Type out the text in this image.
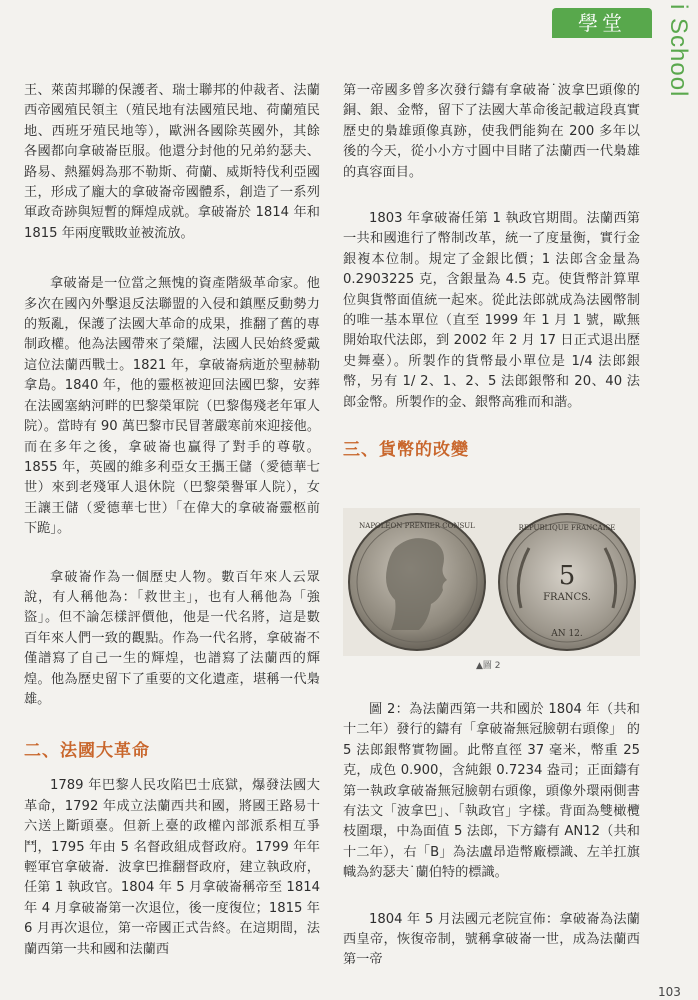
學堂	i School

王、萊茵邦聯的保護者、瑞士聯邦的仲裁者、法蘭西帝國殖民領主（殖民地有法國殖民地、荷蘭殖民地、西班牙殖民地等），歐洲各國除英國外，其餘各國都向拿破崙臣服。他還分封他的兄弟約瑟夫、路易、熱羅姆為那不勒斯、荷蘭、威斯特伐利亞國王，形成了龐大的拿破崙帝國體系，創造了一系列軍政奇跡與短暫的輝煌成就。拿破崙於 1814 年和 1815 年兩度戰敗並被流放。

拿破崙是一位當之無愧的資產階級革命家。他多次在國內外擊退反法聯盟的入侵和鎮壓反動勢力的叛亂，保護了法國大革命的成果，推翻了舊的專制政權。他為法國帶來了榮耀，法國人民始終愛戴這位法蘭西戰士。1821 年，拿破崙病逝於聖赫勒拿島。1840 年，他的靈柩被迎回法國巴黎，安葬在法國塞納河畔的巴黎榮軍院（巴黎傷殘老年軍人院）。當時有 90 萬巴黎市民冒著嚴寒前來迎接他。而在多年之後，拿破崙也贏得了對手的尊敬。1855 年，英國的維多利亞女王攜王儲（愛德華七世）來到老殘軍人退休院（巴黎榮譽軍人院），女王讓王儲（愛德華七世）「在偉大的拿破崙靈柩前下跪」。

拿破崙作為一個歷史人物。數百年來人云眾說，有人稱他為：「救世主」，也有人稱他為「強盜」。但不論怎樣評價他，他是一代名將，這是數百年來人們一致的觀點。作為一代名將，拿破崙不僅譜寫了自己一生的輝煌，也譜寫了法蘭西的輝煌。他為歷史留下了重要的文化遺產，堪稱一代梟雄。

二、法國大革命

1789 年巴黎人民攻陷巴士底獄，爆發法國大革命，1792 年成立法蘭西共和國，將國王路易十六送上斷頭臺。但新上臺的政權內部派系相互爭鬥，1795 年由 5 名督政組成督政府。1799 年年輕軍官拿破崙．波拿巴推翻督政府，建立執政府，任第 1 執政官。1804 年 5 月拿破崙稱帝至 1814 年 4 月拿破崙第一次退位，後一度復位；1815 年 6 月再次退位，第一帝國正式告終。在這期間，法蘭西第一共和國和法蘭西

第一帝國多曾多次發行鑄有拿破崙˙波拿巴頭像的銅、銀、金幣，留下了法國大革命後記載這段真實歷史的梟雄頭像真跡，使我們能夠在 200 多年以後的今天，從小小方寸圓中目睹了法蘭西一代梟雄的真容面目。

1803 年拿破崙任第 1 執政官期間。法蘭西第一共和國進行了幣制改革，統一了度量衡，實行金銀複本位制。規定了金銀比價；1 法郎含金量為 0.2903225 克，含銀量為 4.5 克。使貨幣計算單位與貨幣面值統一起來。從此法郎就成為法國幣制的唯一基本單位（直至 1999 年 1 月 1 號，歐無開始取代法郎，到 2002 年 2 月 17 日正式退出歷史舞臺）。所製作的貨幣最小單位是 1/4 法郎銀幣，另有 1/ 2、1、2、5 法郎銀幣和 20、40 法郎金幣。所製作的金、銀幣高雅而和諧。

三、貨幣的改變
NAPOLEON PREMIER CONSUL	REPUBLIQUE FRANCAISE
5
FRANCS.
AN 12.
▲圖 2

圖 2：為法蘭西第一共和國於 1804 年（共和十二年）發行的鑄有「拿破崙無冠臉朝右頭像」 的 5 法郎銀幣實物圖。此幣直徑 37 毫米，幣重 25 克，成色 0.900，含純銀 0.7234 盎司；正面鑄有第一執政拿破崙無冠臉朝右頭像，頭像外環兩側書有法文「波拿巴」、「執政官」字樣。背面為雙橄欖枝圍環，中為面值 5 法郎，下方鑄有 AN12（共和十二年），右「B」為法盧昂造幣廠標識、左羊扛旗幟為約瑟夫˙蘭伯特的標識。

1804 年 5 月法國元老院宣佈：拿破崙為法蘭西皇帝，恢復帝制，號稱拿破崙一世，成為法蘭西第一帝

103
